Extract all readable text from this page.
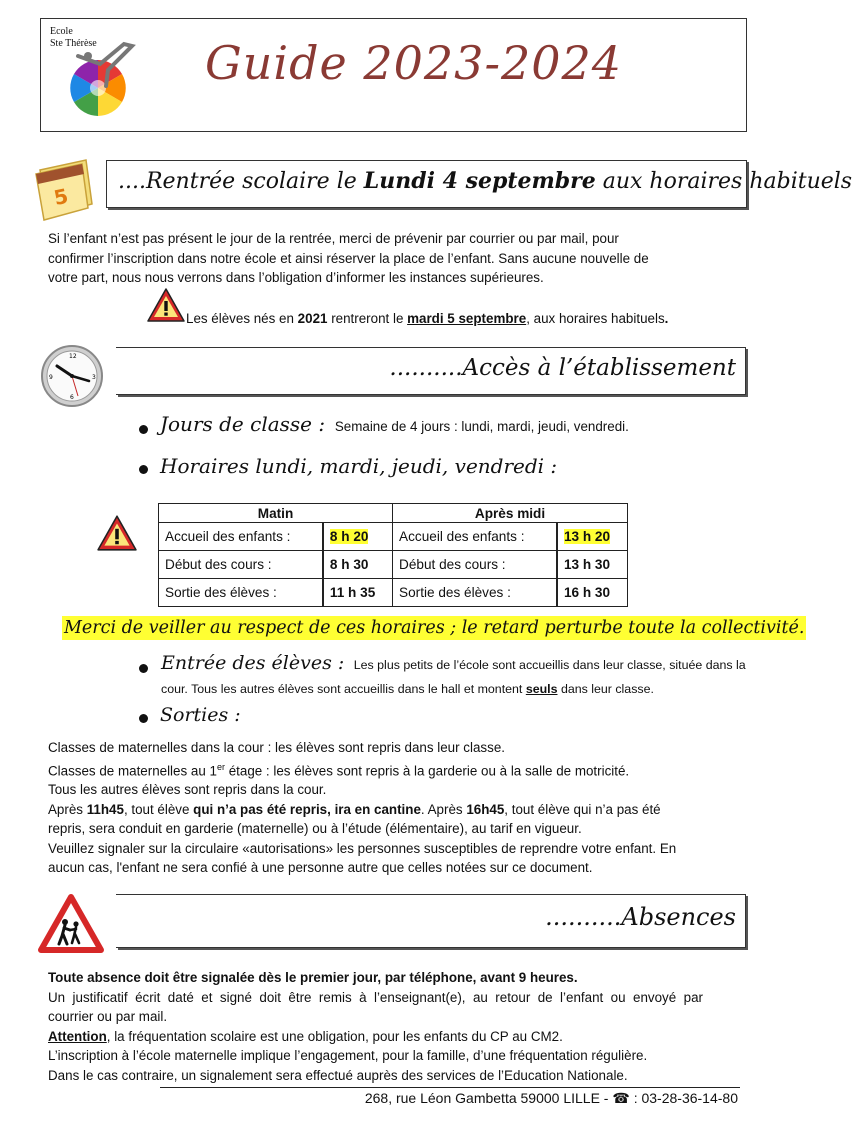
Ecole
Ste Thérèse Guide 2023-2024
5
....Rentrée scolaire le Lundi 4 septembre aux horaires habituels

Si l’enfant n’est pas présent le jour de la rentrée, merci de prévenir par courrier ou par mail, pour

confirmer l’inscription dans notre école et ainsi réserver la place de l’enfant. Sans aucune nouvelle de

votre part, nous nous verrons dans l’obligation d’informer les instances supérieures.

Les élèves nés en 2021 rentreront le mardi 5 septembre, aux horaires habituels.
12
3
6
9	..........Accès à l’établissement
Jours de classe : Semaine de 4 jours : lundi, mardi, jeudi, vendredi.
Horaires lundi, mardi, jeudi, vendredi :
Matin		Après midi	
Accueil des enfants :	8 h 20	Accueil des enfants :	13 h 20
Début des cours :	8 h 30	Début des cours :	13 h 30
Sortie des élèves :	11 h 35	Sortie des élèves :	16 h 30
Merci de veiller au respect de ces horaires ; le retard perturbe toute la collectivité.
Entrée des élèves : Les plus petits de l’école sont accueillis dans leur classe, située dans la
cour. Tous les autres élèves sont accueillis dans le hall et montent seuls dans leur classe.
Sorties :

Classes de maternelles dans la cour : les élèves sont repris dans leur classe.

Classes de maternelles au 1er étage : les élèves sont repris à la garderie ou à la salle de motricité.

Tous les autres élèves sont repris dans la cour.

Après 11h45, tout élève qui n’a pas été repris, ira en cantine. Après 16h45, tout élève qui n’a pas été

repris, sera conduit en garderie (maternelle) ou à l’étude (élémentaire), au tarif en vigueur.

Veuillez signaler sur la circulaire «autorisations» les personnes susceptibles de reprendre votre enfant. En

aucun cas, l'enfant ne sera confié à une personne autre que celles notées sur ce document.

..........Absences

Toute absence doit être signalée dès le premier jour, par téléphone, avant 9 heures.

Un  justificatif  écrit  daté  et  signé  doit  être  remis  à  l’enseignant(e),  au  retour  de  l’enfant  ou  envoyé  par

courrier ou par mail.

Attention, la fréquentation scolaire est une obligation, pour les enfants du CP au CM2.

L’inscription à l’école maternelle implique l’engagement, pour la famille, d’une fréquentation régulière.

Dans le cas contraire, un signalement sera effectué auprès des services de l’Education Nationale.

268, rue Léon Gambetta 59000 LILLE - ☎ : 03-28-36-14-80
